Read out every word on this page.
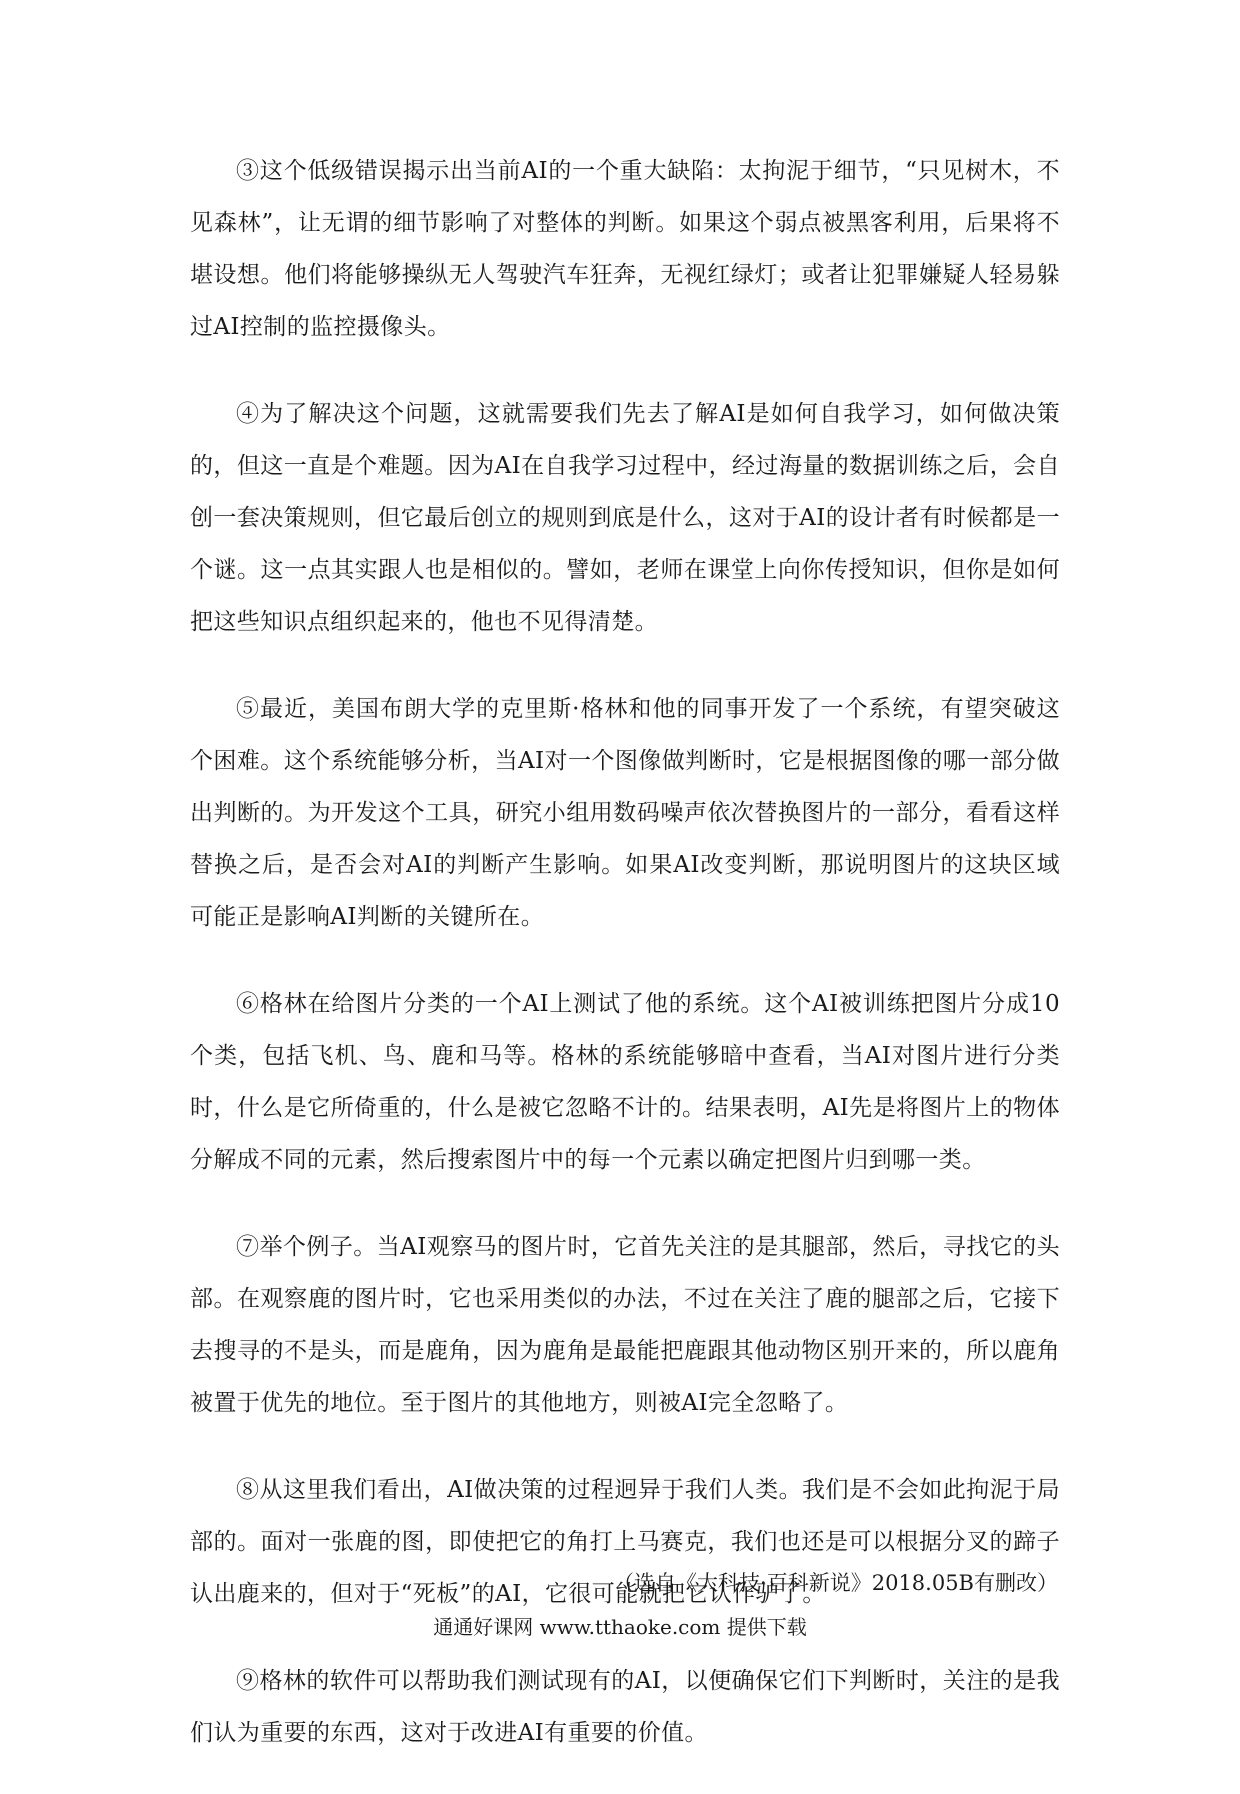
③这个低级错误揭示出当前AI的一个重大缺陷：太拘泥于细节，“只见树木，不见森林”，让无谓的细节影响了对整体的判断。如果这个弱点被黑客利用，后果将不堪设想。他们将能够操纵无人驾驶汽车狂奔，无视红绿灯；或者让犯罪嫌疑人轻易躲过AI控制的监控摄像头。

④为了解决这个问题，这就需要我们先去了解AI是如何自我学习，如何做决策的，但这一直是个难题。因为AI在自我学习过程中，经过海量的数据训练之后，会自创一套决策规则，但它最后创立的规则到底是什么，这对于AI的设计者有时候都是一个谜。这一点其实跟人也是相似的。譬如，老师在课堂上向你传授知识，但你是如何把这些知识点组织起来的，他也不见得清楚。

⑤最近，美国布朗大学的克里斯·格林和他的同事开发了一个系统，有望突破这个困难。这个系统能够分析，当AI对一个图像做判断时，它是根据图像的哪一部分做出判断的。为开发这个工具，研究小组用数码噪声依次替换图片的一部分，看看这样替换之后，是否会对AI的判断产生影响。如果AI改变判断，那说明图片的这块区域可能正是影响AI判断的关键所在。

⑥格林在给图片分类的一个AI上测试了他的系统。这个AI被训练把图片分成10个类，包括飞机、鸟、鹿和马等。格林的系统能够暗中查看，当AI对图片进行分类时，什么是它所倚重的，什么是被它忽略不计的。结果表明，AI先是将图片上的物体分解成不同的元素，然后搜索图片中的每一个元素以确定把图片归到哪一类。

⑦举个例子。当AI观察马的图片时，它首先关注的是其腿部，然后，寻找它的头部。在观察鹿的图片时，它也采用类似的办法，不过在关注了鹿的腿部之后，它接下去搜寻的不是头，而是鹿角，因为鹿角是最能把鹿跟其他动物区别开来的，所以鹿角被置于优先的地位。至于图片的其他地方，则被AI完全忽略了。

⑧从这里我们看出，AI做决策的过程迥异于我们人类。我们是不会如此拘泥于局部的。面对一张鹿的图，即使把它的角打上马赛克，我们也还是可以根据分叉的蹄子认出鹿来的，但对于“死板”的AI，它很可能就把它认作驴了。

⑨格林的软件可以帮助我们测试现有的AI，以便确保它们下判断时，关注的是我们认为重要的东西，这对于改进AI有重要的价值。

（选自《大科技·百科新说》2018.05B有删改）
通通好课网 www.tthaoke.com 提供下载
